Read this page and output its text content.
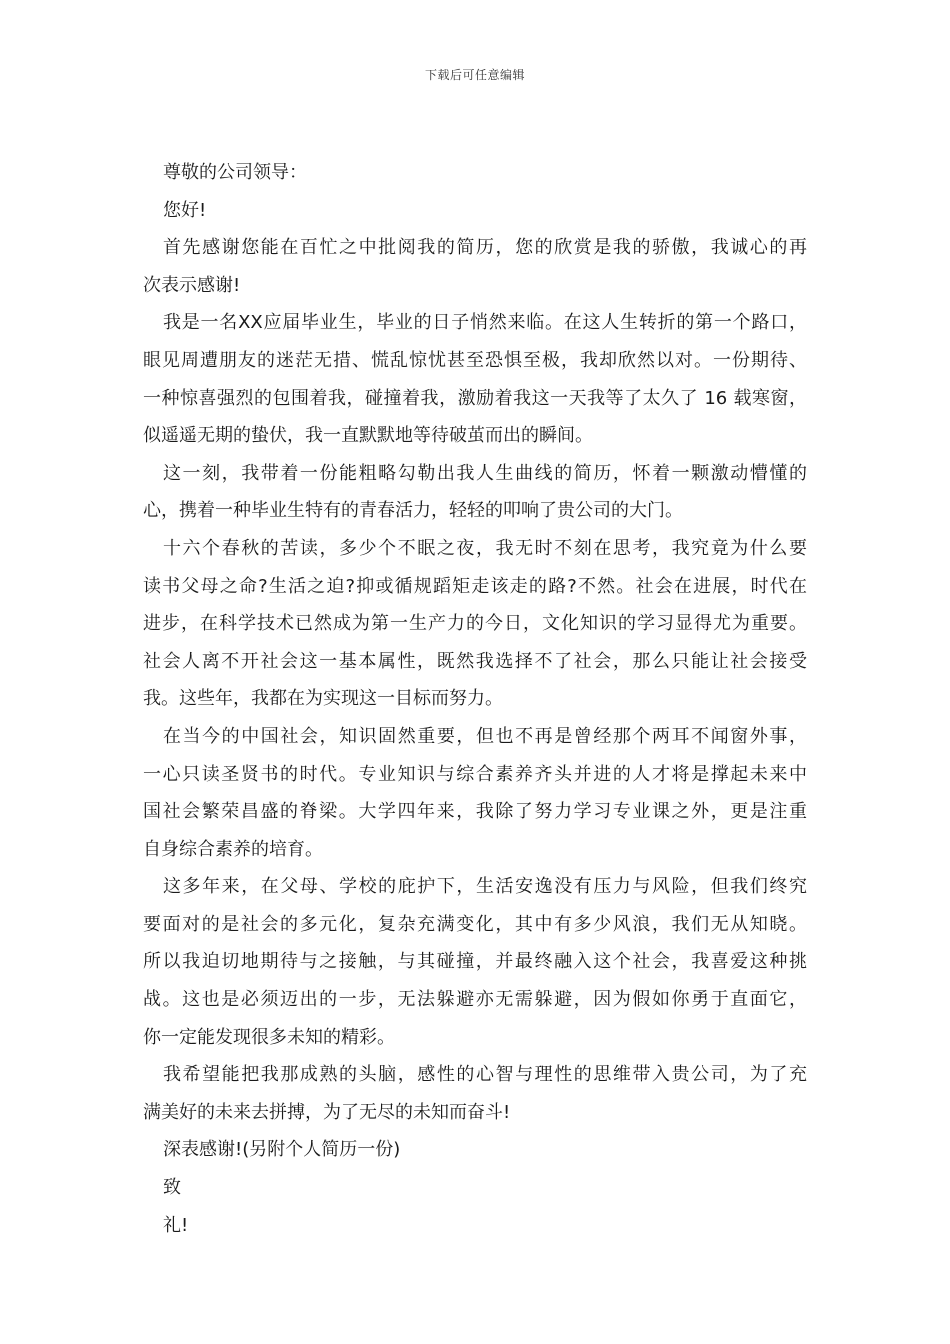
下载后可任意编辑
尊敬的公司领导：
您好!
首先感谢您能在百忙之中批阅我的简历，您的欣赏是我的骄傲，我诚心的再
次表示感谢!
我是一名XX应届毕业生，毕业的日子悄然来临。在这人生转折的第一个路口，
眼见周遭朋友的迷茫无措、慌乱惊忧甚至恐惧至极，我却欣然以对。一份期待、
一种惊喜强烈的包围着我，碰撞着我，激励着我这一天我等了太久了 16 载寒窗，
似遥遥无期的蛰伏，我一直默默地等待破茧而出的瞬间。
这一刻，我带着一份能粗略勾勒出我人生曲线的简历，怀着一颗激动懵懂的
心，携着一种毕业生特有的青春活力，轻轻的叩响了贵公司的大门。
十六个春秋的苦读，多少个不眠之夜，我无时不刻在思考，我究竟为什么要
读书父母之命?生活之迫?抑或循规蹈矩走该走的路?不然。社会在进展，时代在
进步，在科学技术已然成为第一生产力的今日，文化知识的学习显得尤为重要。
社会人离不开社会这一基本属性，既然我选择不了社会，那么只能让社会接受
我。这些年，我都在为实现这一目标而努力。
在当今的中国社会，知识固然重要，但也不再是曾经那个两耳不闻窗外事，
一心只读圣贤书的时代。专业知识与综合素养齐头并进的人才将是撑起未来中
国社会繁荣昌盛的脊梁。大学四年来，我除了努力学习专业课之外，更是注重
自身综合素养的培育。
这多年来，在父母、学校的庇护下，生活安逸没有压力与风险，但我们终究
要面对的是社会的多元化，复杂充满变化，其中有多少风浪，我们无从知晓。
所以我迫切地期待与之接触，与其碰撞，并最终融入这个社会，我喜爱这种挑
战。这也是必须迈出的一步，无法躲避亦无需躲避，因为假如你勇于直面它，
你一定能发现很多未知的精彩。
我希望能把我那成熟的头脑，感性的心智与理性的思维带入贵公司，为了充
满美好的未来去拼搏，为了无尽的未知而奋斗!
深表感谢!(另附个人简历一份)
致
礼!
